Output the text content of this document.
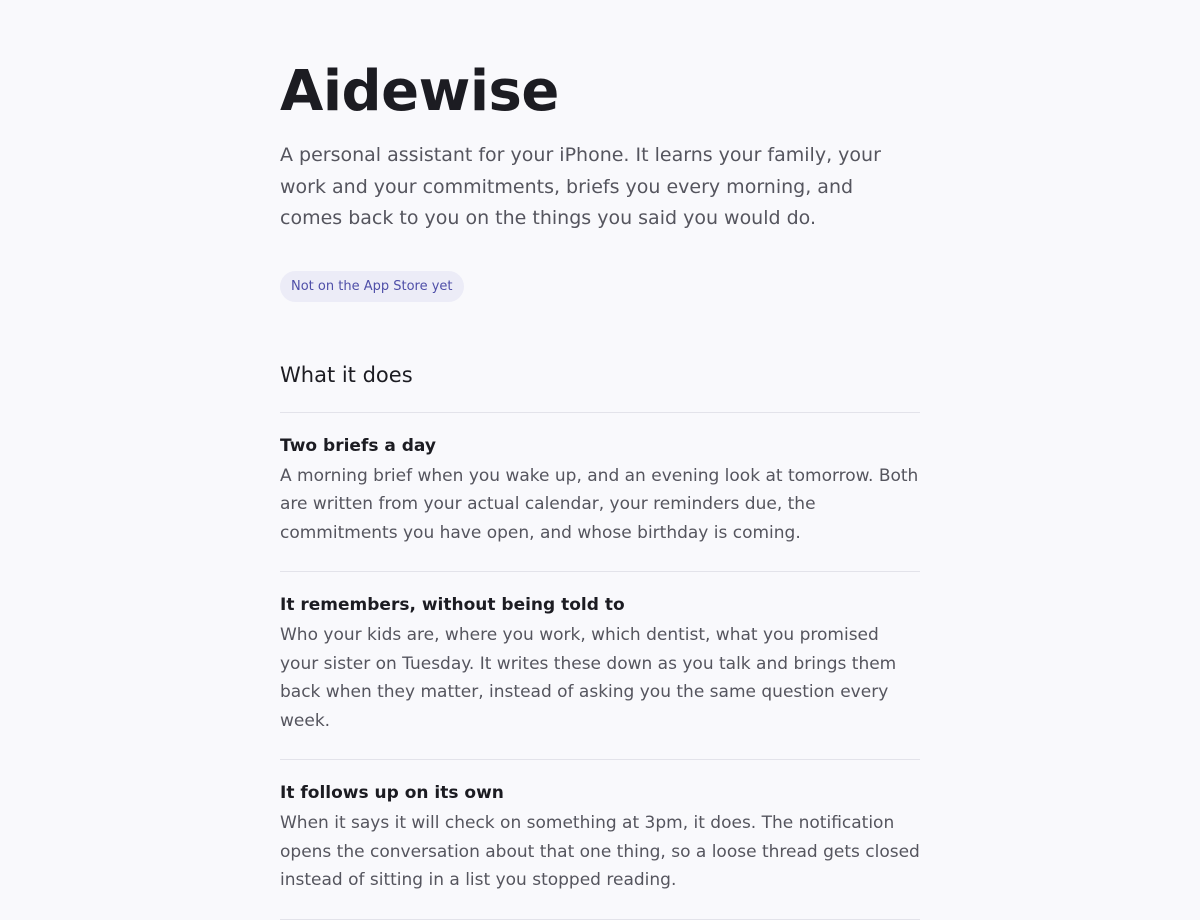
Aidewise

A personal assistant for your iPhone. It learns your family, your work and your commitments, briefs you every morning, and comes back to you on the things you said you would do.

Not on the App Store yet
What it does
Two briefs a day

A morning brief when you wake up, and an evening look at tomorrow. Both are written from your actual calendar, your reminders due, the commitments you have open, and whose birthday is coming.

It remembers, without being told to

Who your kids are, where you work, which dentist, what you promised your sister on Tuesday. It writes these down as you talk and brings them back when they matter, instead of asking you the same question every week.

It follows up on its own

When it says it will check on something at 3pm, it does. The notification opens the conversation about that one thing, so a loose thread gets closed instead of sitting in a list you stopped reading.
